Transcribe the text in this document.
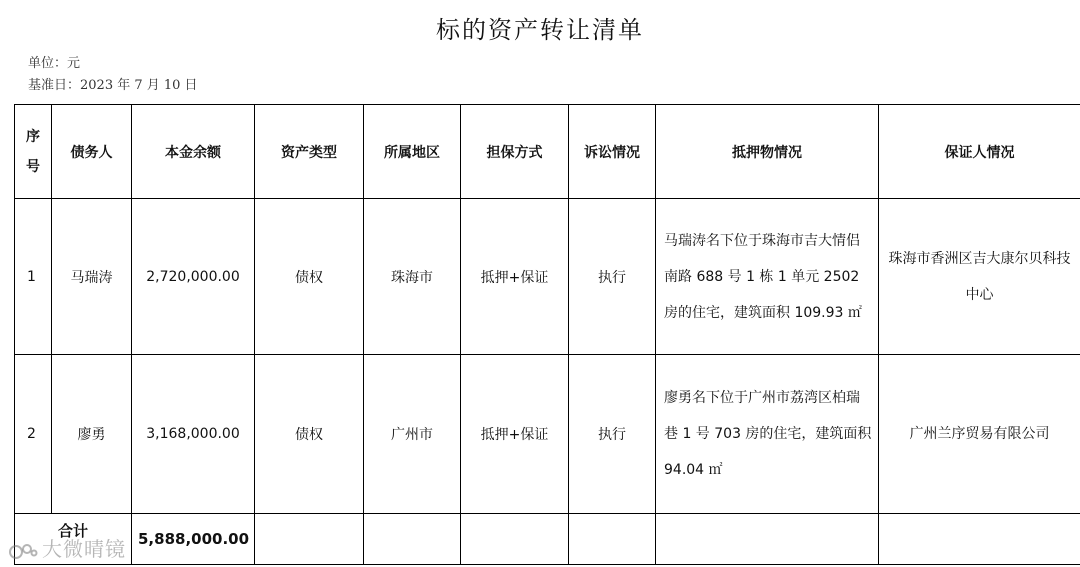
标的资产转让清单
单位：元
基准日：2023 年 7 月 10 日
序
号	债务人	本金余额	资产类型	所属地区	担保方式	诉讼情况	抵押物情况	保证人情况
1	马瑞涛	2,720,000.00	债权	珠海市	抵押+保证	执行	马瑞涛名下位于珠海市吉大情侣南路 688 号 1 栋 1 单元 2502 房的住宅，建筑面积 109.93 ㎡	珠海市香洲区吉大康尔贝科技中心
2	廖勇	3,168,000.00	债权	广州市	抵押+保证	执行	廖勇名下位于广州市荔湾区柏瑞巷 1 号 703 房的住宅，建筑面积 94.04 ㎡	广州兰序贸易有限公司
合计		5,888,000.00						
大微晴镜
